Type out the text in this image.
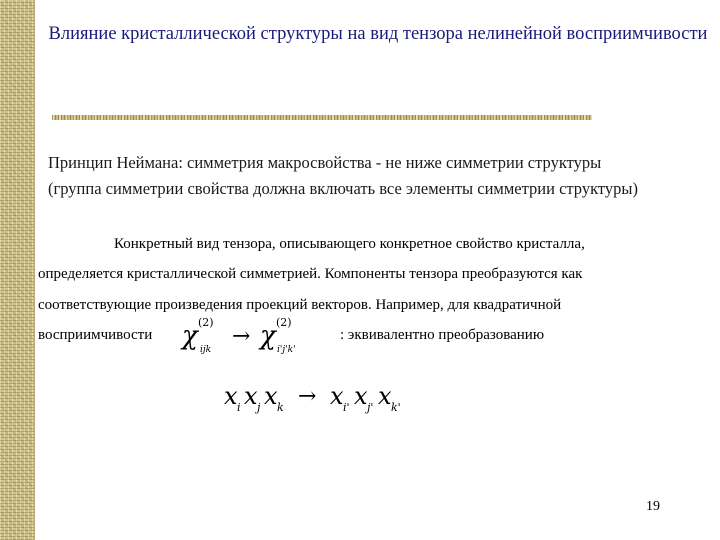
Влияние кристаллической структуры на вид тензора нелинейной восприимчивости
Принцип Неймана: симметрия макросвойства - не ниже симметрии структуры
(группа симметрии свойства должна включать все элементы симметрии структуры)
Конкретный вид тензора, описывающего конкретное свойство кристалла,
определяется кристаллической симметрией. Компоненты тензора преобразуются как
соответствующие произведения проекций векторов. Например, для квадратичной
восприимчивости	: эквивалентно преобразованию
χ (2)
ijk
→ χ (2)
i'j'k'
x i x j x k → x i' x j' x k'
19
